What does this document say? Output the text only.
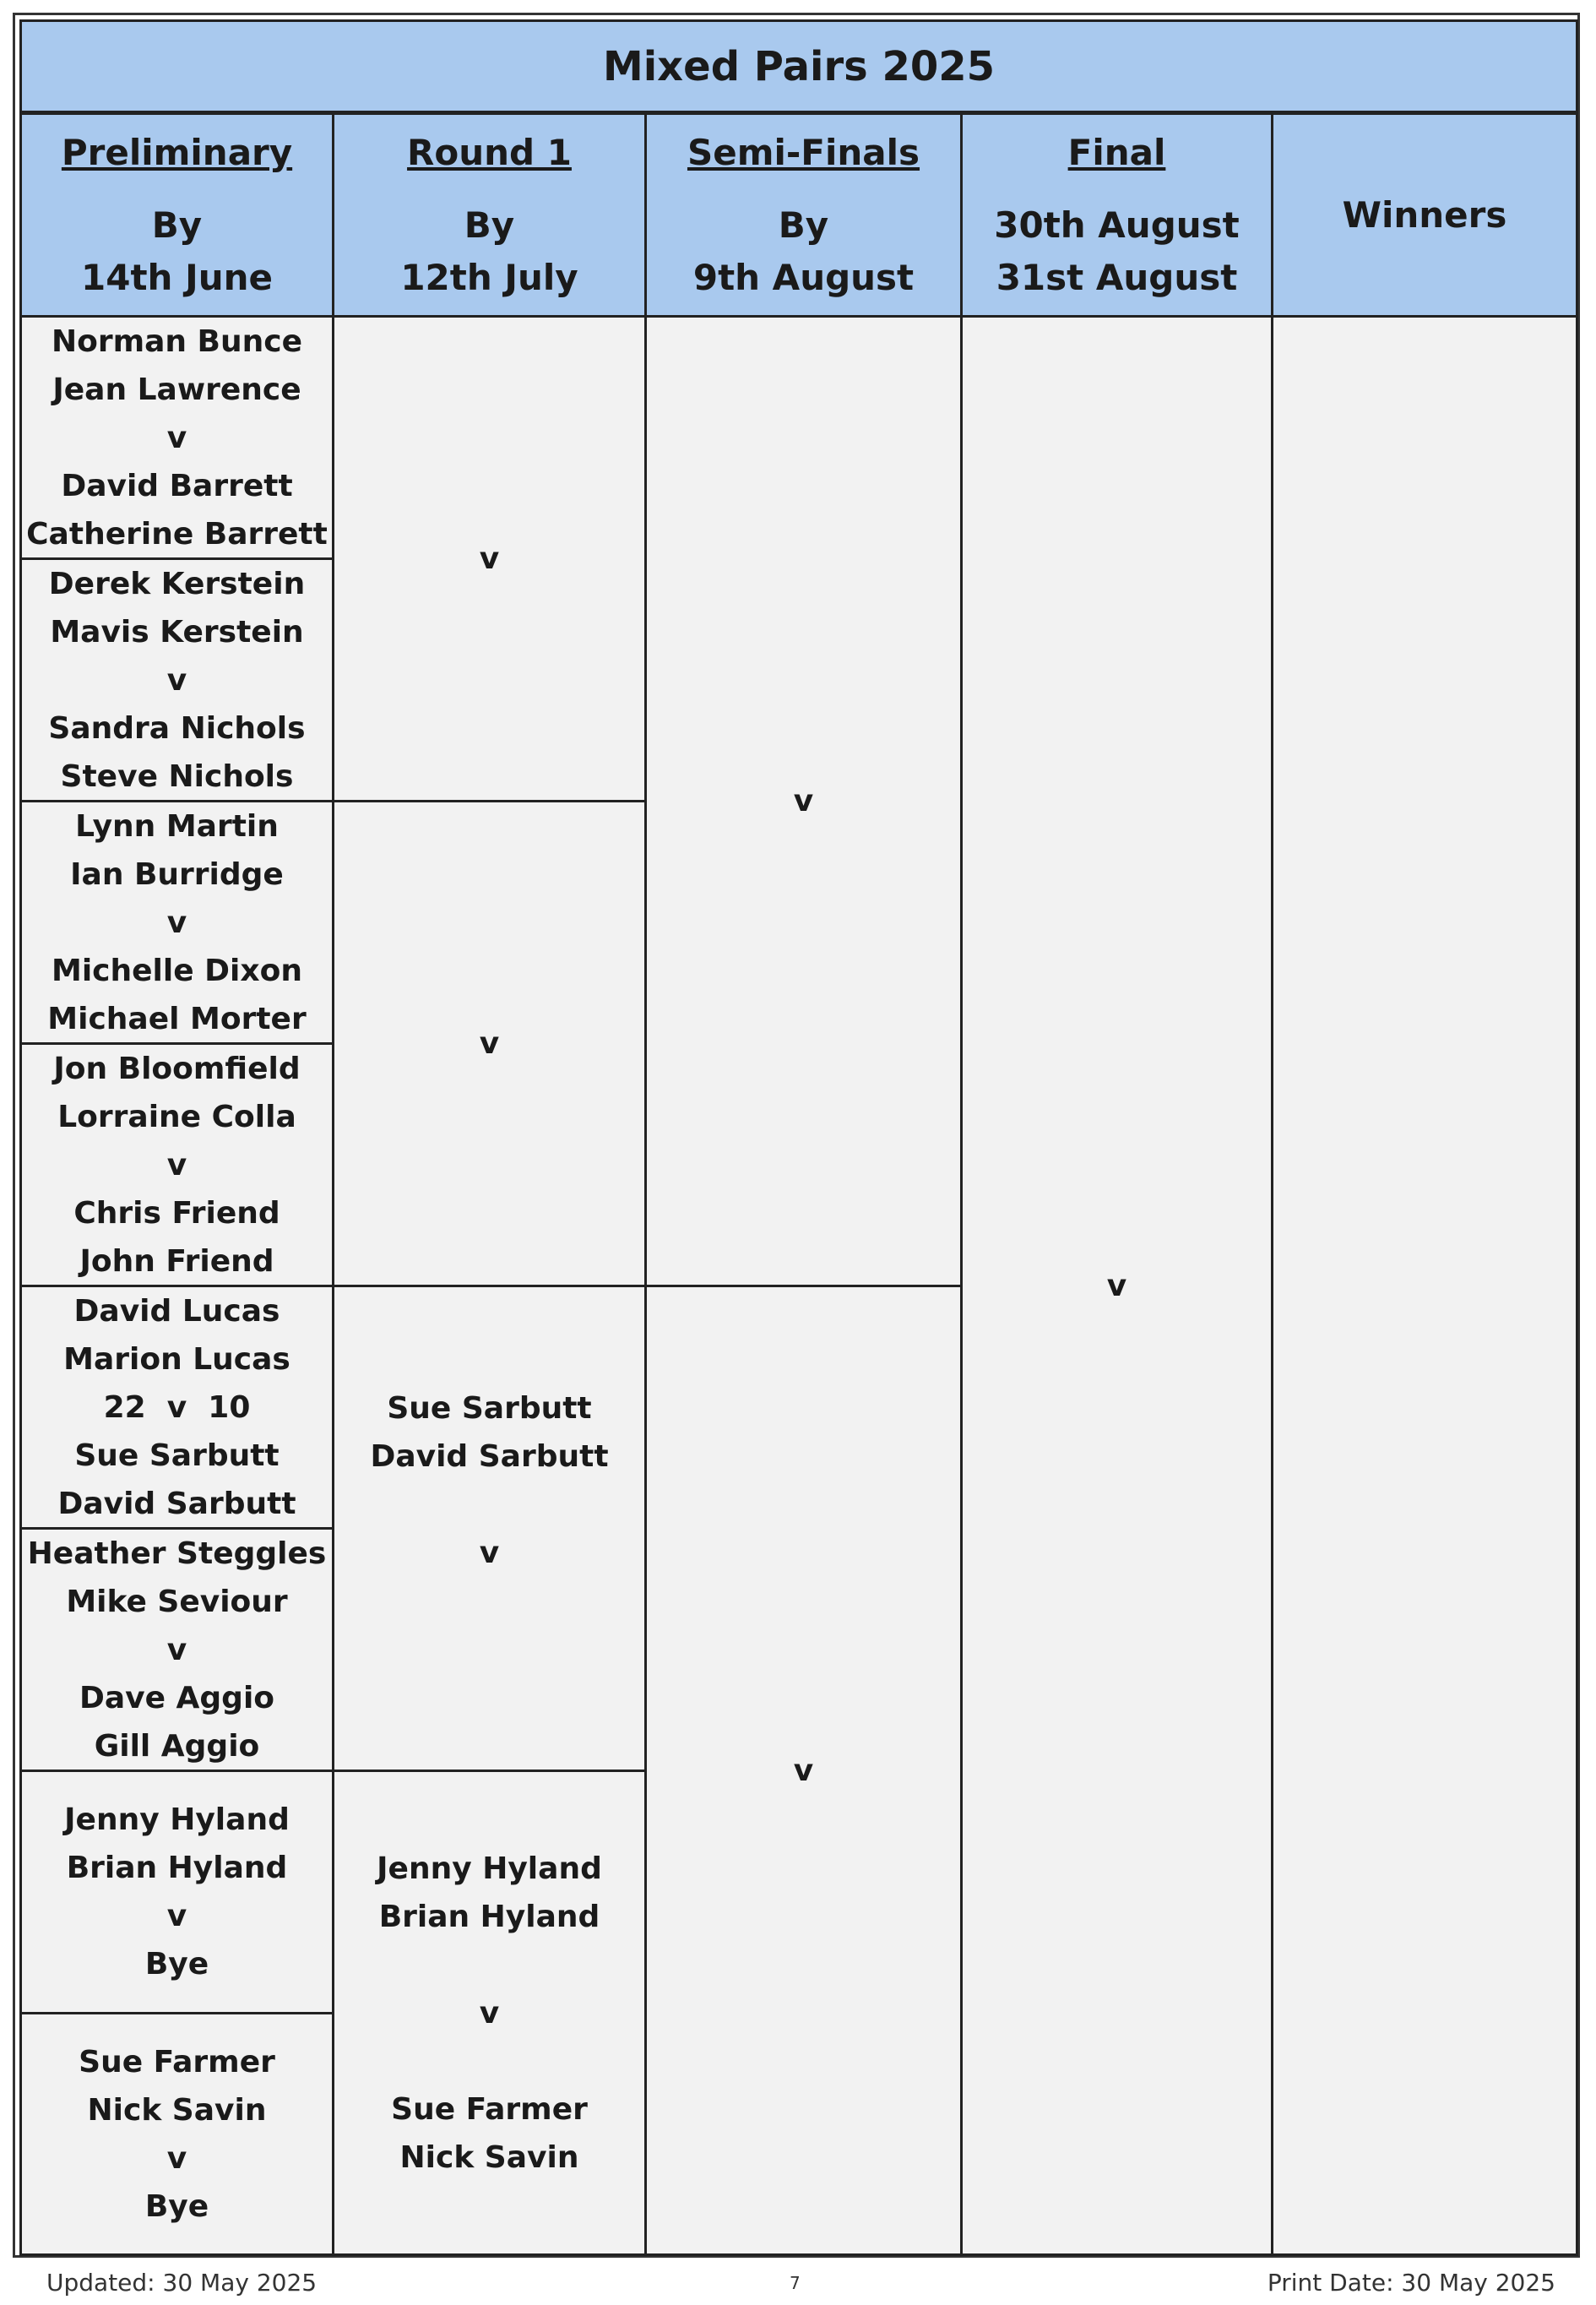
Mixed Pairs 2025
Preliminary
By
14th June
Round 1
By
12th July
Semi-Finals
By
9th August
Final
30th August
31st August
Winners
Norman Bunce
Jean Lawrence
v
David Barrett
Catherine Barrett
Derek Kerstein
Mavis Kerstein
v
Sandra Nichols
Steve Nichols
Lynn Martin
Ian Burridge
v
Michelle Dixon
Michael Morter
Jon Bloomfield
Lorraine Colla
v
Chris Friend
John Friend
David Lucas
Marion Lucas
22  v  10
Sue Sarbutt
David Sarbutt
Heather Steggles
Mike Seviour
v
Dave Aggio
Gill Aggio
Jenny Hyland
Brian Hyland
v
Bye
Sue Farmer
Nick Savin
v
Bye
v
v
Sue Sarbutt
David Sarbutt
v
Jenny Hyland
Brian Hyland
v
Sue Farmer
Nick Savin
v
v
v
Updated: 30 May 2025	7	Print Date: 30 May 2025
